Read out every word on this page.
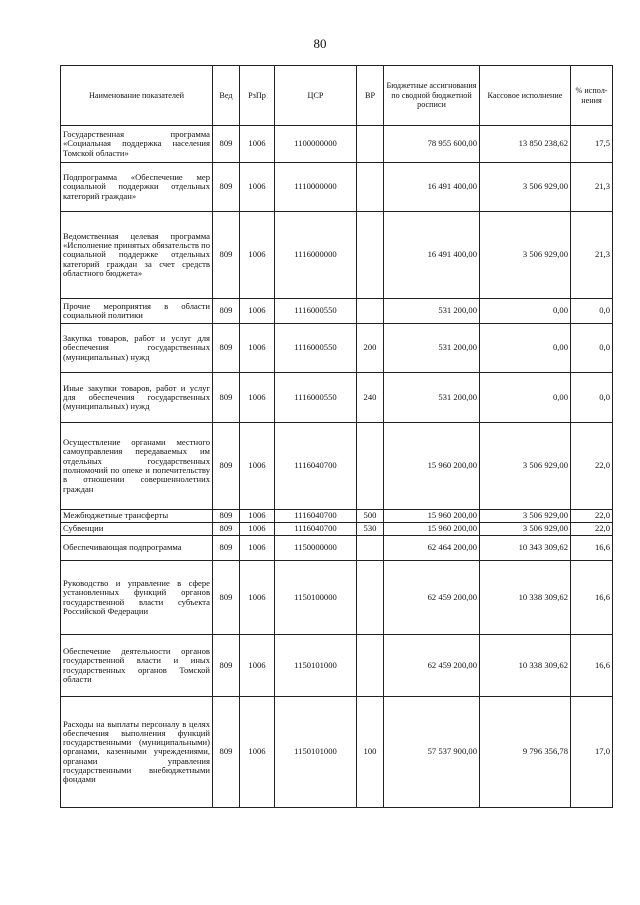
80
Наименование показателей	Вед	РзПр	ЦСР	ВР	Бюджетные ассигнования по сводной бюджетной росписи	Кассовое исполнение	% испол-нения
Государственная программа «Социальная поддержка населения Томской области»	809	1006	1100000000		78 955 600,00	13 850 238,62	17,5
Подпрограмма «Обеспечение мер социальной поддержки отдельных категорий граждан»	809	1006	1110000000		16 491 400,00	3 506 929,00	21,3
Ведомственная целевая программа «Исполнение принятых обязательств по социальной поддержке отдельных категорий граждан за счет средств областного бюджета»	809	1006	1116000000		16 491 400,00	3 506 929,00	21,3
Прочие мероприятия в области социальной политики	809	1006	1116000550		531 200,00	0,00	0,0
Закупка товаров, работ и услуг для обеспечения государственных (муниципальных) нужд	809	1006	1116000550	200	531 200,00	0,00	0,0
Иные закупки товаров, работ и услуг для обеспечения государственных (муниципальных) нужд	809	1006	1116000550	240	531 200,00	0,00	0,0
Осуществление органами местного самоуправления передаваемых им отдельных государственных полномочий по опеке и попечительству в отношении совершеннолетних граждан	809	1006	1116040700		15 960 200,00	3 506 929,00	22,0
Межбюджетные трансферты	809	1006	1116040700	500	15 960 200,00	3 506 929,00	22,0
Субвенции	809	1006	1116040700	530	15 960 200,00	3 506 929,00	22,0
Обеспечивающая подпрограмма	809	1006	1150000000		62 464 200,00	10 343 309,62	16,6
Руководство и управление в сфере установленных функций органов государственной власти субъекта Российской Федерации	809	1006	1150100000		62 459 200,00	10 338 309,62	16,6
Обеспечение деятельности органов государственной власти и иных государственных органов Томской области	809	1006	1150101000		62 459 200,00	10 338 309,62	16,6
Расходы на выплаты персоналу в целях обеспечения выполнения функций государственными (муниципальными) органами, казенными учреждениями, органами управления государственными внебюджетными фондами	809	1006	1150101000	100	57 537 900,00	9 796 356,78	17,0
